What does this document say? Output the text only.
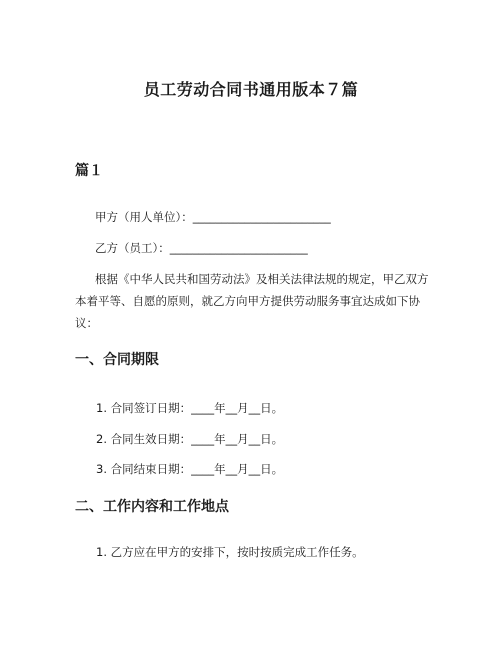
员工劳动合同书通用版本７篇
篇１
甲方（用人单位）：________________________
乙方（员工）：________________________
根据《中华人民共和国劳动法》及相关法律法规的规定，甲乙双方本着平等、自愿的原则，就乙方向甲方提供劳动服务事宜达成如下协议：
一、合同期限
1. 合同签订日期：____年__月__日。
2. 合同生效日期：____年__月__日。
3. 合同结束日期：____年__月__日。
二、工作内容和工作地点
1. 乙方应在甲方的安排下，按时按质完成工作任务。
